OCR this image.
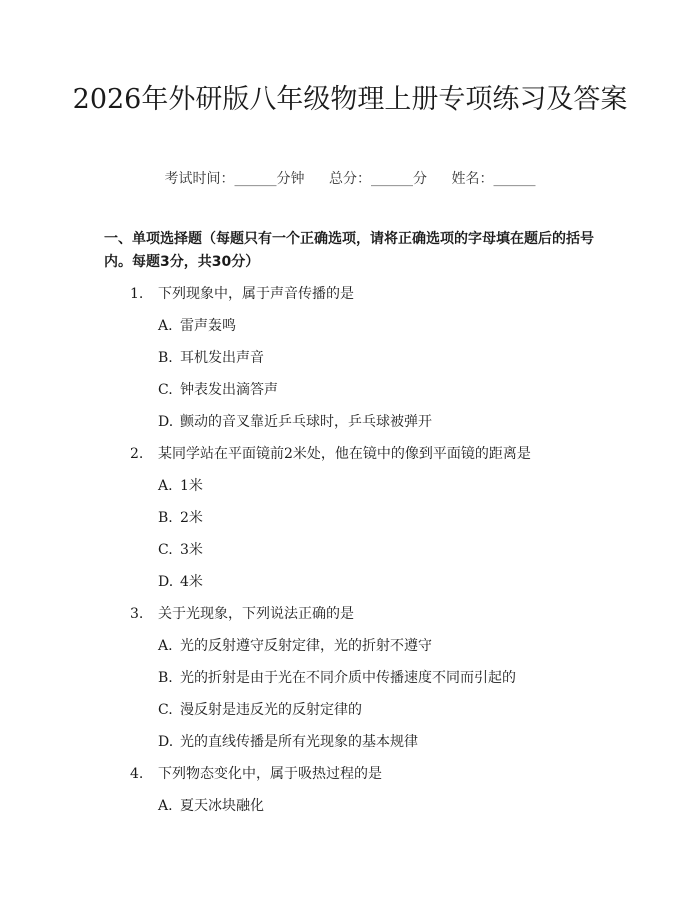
2026年外研版八年级物理上册专项练习及答案
考试时间：______分钟 总分：______分 姓名：______
一、单项选择题（每题只有一个正确选项，请将正确选项的字母填在题后的括号内。每题3分，共30分）
1. 下列现象中，属于声音传播的是
A. 雷声轰鸣
B. 耳机发出声音
C. 钟表发出滴答声
D. 颤动的音叉靠近乒乓球时，乒乓球被弹开
2. 某同学站在平面镜前2米处，他在镜中的像到平面镜的距离是
A. 1米
B. 2米
C. 3米
D. 4米
3. 关于光现象，下列说法正确的是
A. 光的反射遵守反射定律，光的折射不遵守
B. 光的折射是由于光在不同介质中传播速度不同而引起的
C. 漫反射是违反光的反射定律的
D. 光的直线传播是所有光现象的基本规律
4. 下列物态变化中，属于吸热过程的是
A. 夏天冰块融化
